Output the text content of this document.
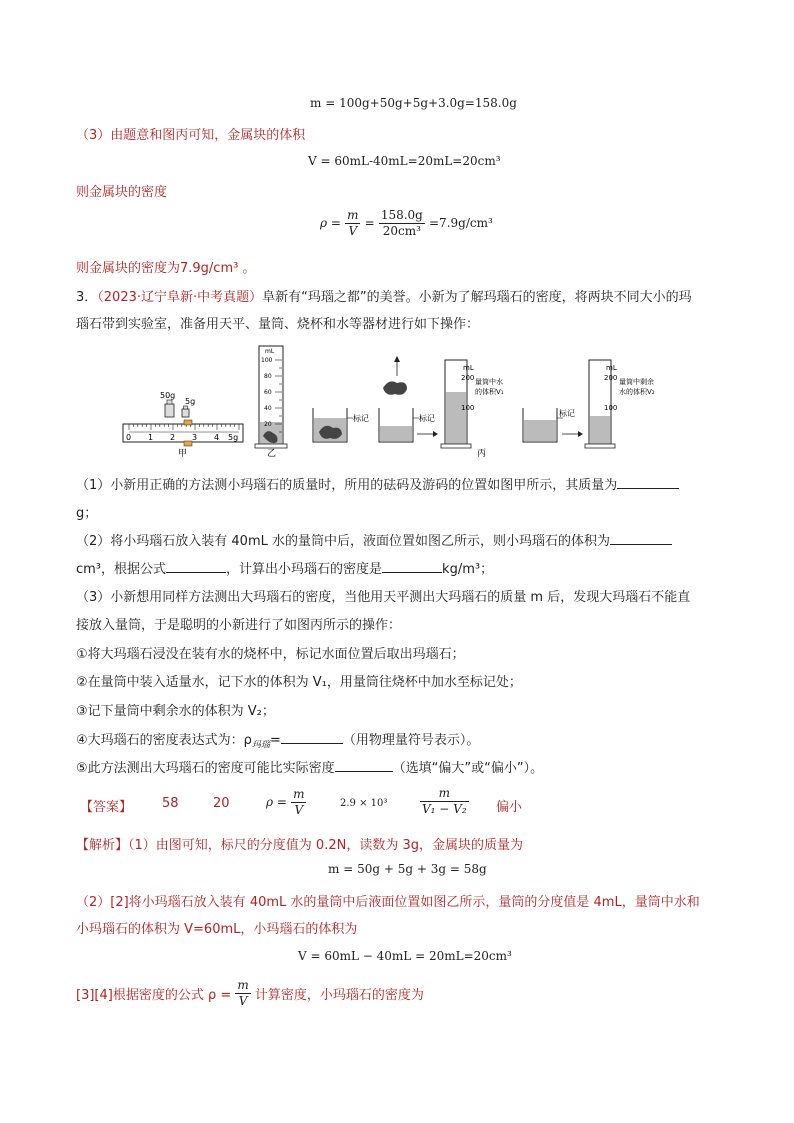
m = 100g+50g+5g+3.0g=158.0g
（3）由题意和图丙可知，金属块的体积
V = 60mL-40mL=20mL=20cm³
则金属块的密度
$\rho = \frac{m}{V} = \frac{158.0g}{\text{20cm³}} =7.9g/cm^3$
则金属块的密度为7.9g/cm³ 。
3．（2023·辽宁阜新·中考真题）阜新有“玛瑙之都”的美誉。小新为了解玛瑙石的密度，将两块不同大小的玛
瑙石带到实验室，准备用天平、量筒、烧杯和水等器材进行如下操作：
0 1 2 3 4 5g
50g
5g
甲
mL
100
80
60
40
20
乙
标记	标记
mL
200
100
量筒中水
的体积V₁
丙
标记
mL
200
100
量筒中剩余
水的体积V₂
（1）小新用正确的方法测小玛瑙石的质量时，所用的砝码及游码的位置如图甲所示，其质量为
g；
（2）将小玛瑙石放入装有 40mL 水的量筒中后，液面位置如图乙所示，则小玛瑙石的体积为
cm³，根据公式	，计算出小玛瑙石的密度是	kg/m³；
（3）小新想用同样方法测出大玛瑙石的密度，当他用天平测出大玛瑙石的质量 m 后，发现大玛瑙石不能直
接放入量筒，于是聪明的小新进行了如图丙所示的操作：
①将大玛瑙石浸没在装有水的烧杯中，标记水面位置后取出玛瑙石；
②在量筒中装入适量水，记下水的体积为 V₁，用量筒往烧杯中加水至标记处；
③记下量筒中剩余水的体积为 V₂；
④大玛瑙石的密度表达式为：$\rho_{玛瑙}=$	（用物理量符号表示）。
⑤此方法测出大玛瑙石的密度可能比实际密度	（选填“偏大”或“偏小”）。
【答案】 58	20	$\rho = \frac{m}{V}$	2.9 × 10³	$\frac{m}{\text{V₁ − V₂}}$ 偏小
【解析】（1）由图可知，标尺的分度值为 0.2N，读数为 3g，金属块的质量为
m = 50g + 5g + 3g = 58g
（2）[2]将小玛瑙石放入装有 40mL 水的量筒中后液面位置如图乙所示，量筒的分度值是 4mL，量筒中水和
小玛瑙石的体积为 V=60mL，小玛瑙石的体积为
V = 60mL − 40mL = 20mL=20cm³
[3][4]根据密度的公式 $\rho = \frac{m}{V}$ 计算密度，小玛瑙石的密度为
